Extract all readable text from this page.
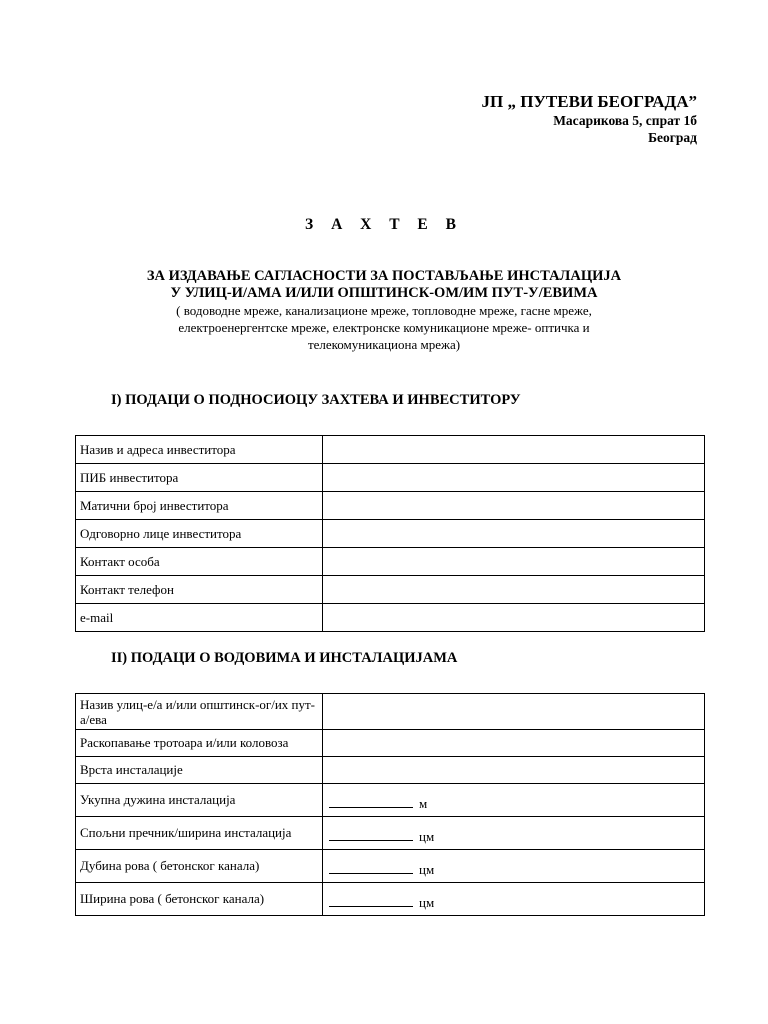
ЈП „ ПУТЕВИ БЕОГРАДА”
Масарикова 5, спрат 1б
Београд
З А Х Т Е В
ЗА ИЗДАВАЊЕ САГЛАСНОСТИ ЗА ПОСТАВЉАЊЕ ИНСТАЛАЦИЈА
У УЛИЦ-И/АМА И/ИЛИ ОПШТИНСК-ОМ/ИМ ПУТ-У/ЕВИМА
( водоводне мреже, канализационе мреже, топловодне мреже, гасне мреже,
електроенергентске мреже, електронске комуникационе мреже- оптичка и
телекомуникациона мрежа)
I) ПОДАЦИ О ПОДНОСИОЦУ ЗАХТЕВА И ИНВЕСТИТОРУ
Назив и адреса инвеститора	
ПИБ инвеститора	
Матични број инвеститора	
Одговорно лице инвеститора	
Контакт особа	
Контакт телефон	
e-mail	
II) ПОДАЦИ О ВОДОВИМА И ИНСТАЛАЦИЈАМА
Назив улиц-е/а и/или општинск-ог/их пут-а/ева	
Раскопавање тротоара и/или коловоза	
Врста инсталације	
Укупна дужина инсталација	м
Спољни пречник/ширина инсталација	цм
Дубина рова ( бетонског канала)	цм
Ширина рова ( бетонског канала)	цм
